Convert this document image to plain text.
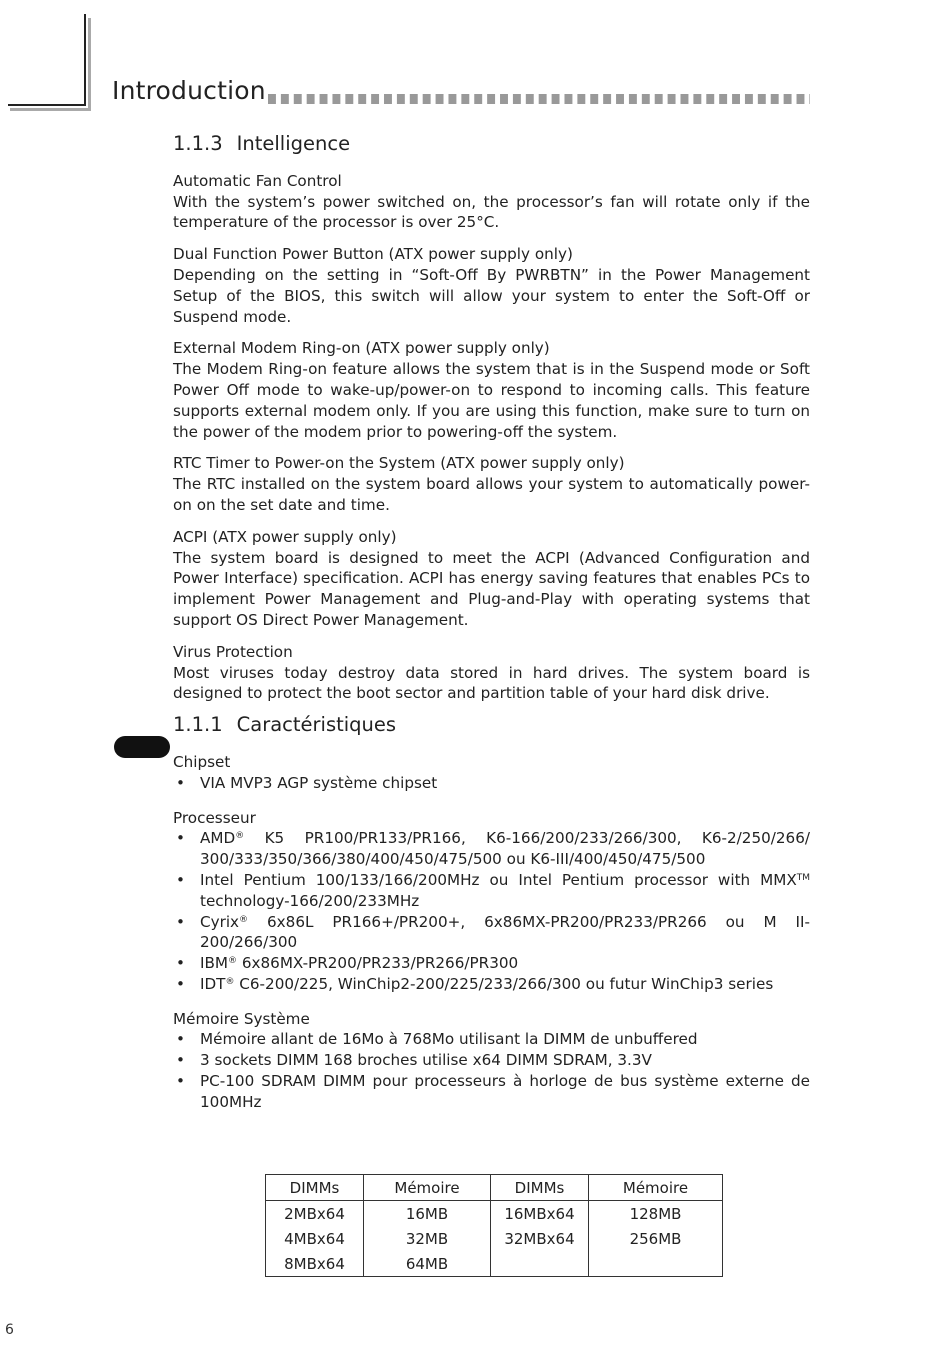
Introduction
1.1.3 Intelligence

Automatic Fan Control

With the system’s power switched on, the processor’s fan will rotate only if the temperature of the processor is over 25°C.

Dual Function Power Button (ATX power supply only)

Depending on the setting in “Soft-Off By PWRBTN” in the Power Management Setup of the BIOS, this switch will allow your system to enter the Soft-Off or Suspend mode.

External Modem Ring-on (ATX power supply only)

The Modem Ring-on feature allows the system that is in the Suspend mode or Soft Power Off mode to wake-up/power-on to respond to incoming calls. This feature supports external modem only. If you are using this function, make sure to turn on the power of the modem prior to powering-off the system.

RTC Timer to Power-on the System (ATX power supply only)

The RTC installed on the system board allows your system to automatically power-on on the set date and time.

ACPI (ATX power supply only)

The system board is designed to meet the ACPI (Advanced Configuration and Power Interface) specification. ACPI has energy saving features that enables PCs to implement Power Management and Plug-and-Play with operating systems that support OS Direct Power Management.

Virus Protection

Most viruses today destroy data stored in hard drives. The system board is designed to protect the boot sector and partition table of your hard disk drive.

1.1.1 Caractéristiques

Chipset

• VIA MVP3 AGP système chipset

Processeur

• AMD® K5 PR100/PR133/PR166, K6-166/200/233/266/300, K6-2/250/266/ 300/333/350/366/380/400/450/475/500 ou K6-III/400/450/475/500
• Intel Pentium 100/133/166/200MHz ou Intel Pentium processor with MMX™ technology-166/200/233MHz
• Cyrix® 6x86L PR166+/PR200+, 6x86MX-PR200/PR233/PR266 ou M II-200/266/300
• IBM® 6x86MX-PR200/PR233/PR266/PR300
• IDT® C6-200/225, WinChip2-200/225/233/266/300 ou futur WinChip3 series

Mémoire Système

• Mémoire allant de 16Mo à 768Mo utilisant la DIMM de unbuffered
• 3 sockets DIMM 168 broches utilise x64 DIMM SDRAM, 3.3V
• PC-100 SDRAM DIMM pour processeurs à horloge de bus système externe de 100MHz
DIMMs	Mémoire	DIMMs	Mémoire
2MBx64	16MB	16MBx64	128MB
4MBx64	32MB	32MBx64	256MB
8MBx64	64MB		
6
